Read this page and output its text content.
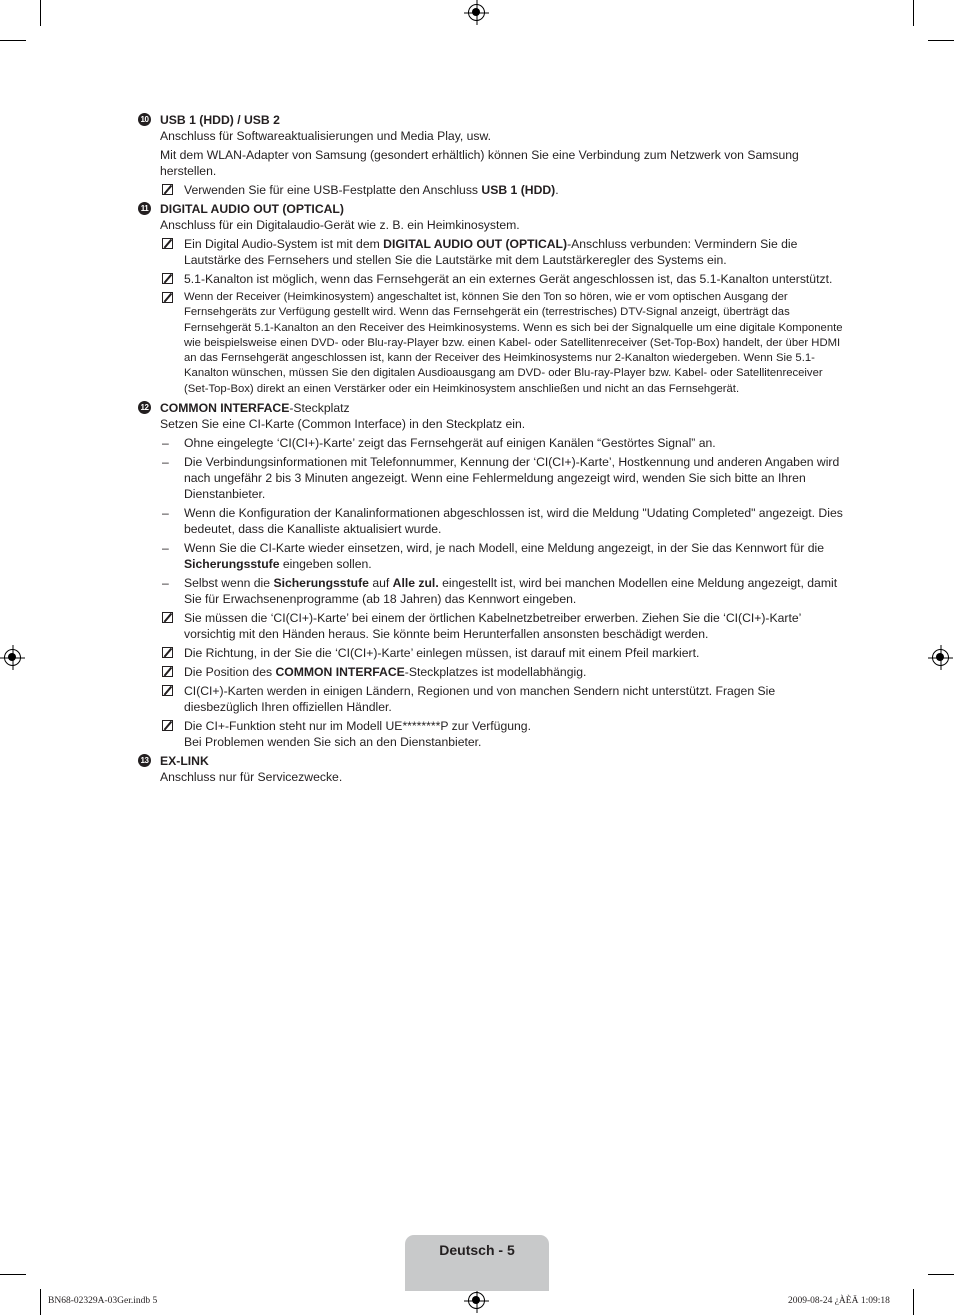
10 USB 1 (HDD) / USB 2
Anschluss für Softwareaktualisierungen und Media Play, usw.
Mit dem WLAN-Adapter von Samsung (gesondert erhältlich) können Sie eine Verbindung zum Netzwerk von Samsung herstellen.
Verwenden Sie für eine USB-Festplatte den Anschluss USB 1 (HDD).
11 DIGITAL AUDIO OUT (OPTICAL)
Anschluss für ein Digitalaudio-Gerät wie z. B. ein Heimkinosystem.
Ein Digital Audio-System ist mit dem DIGITAL AUDIO OUT (OPTICAL)-Anschluss verbunden: Vermindern Sie die Lautstärke des Fernsehers und stellen Sie die Lautstärke mit dem Lautstärkeregler des Systems ein.
5.1-Kanalton ist möglich, wenn das Fernsehgerät an ein externes Gerät angeschlossen ist, das 5.1-Kanalton unterstützt.
Wenn der Receiver (Heimkinosystem) angeschaltet ist, können Sie den Ton so hören, wie er vom optischen Ausgang der Fernsehgeräts zur Verfügung gestellt wird. Wenn das Fernsehgerät ein (terrestrisches) DTV-Signal anzeigt, überträgt das Fernsehgerät 5.1-Kanalton an den Receiver des Heimkinosystems. Wenn es sich bei der Signalquelle um eine digitale Komponente wie beispielsweise einen DVD- oder Blu-ray-Player bzw. einen Kabel- oder Satellitenreceiver (Set-Top-Box) handelt, der über HDMI an das Fernsehgerät angeschlossen ist, kann der Receiver des Heimkinosystems nur 2-Kanalton wiedergeben. Wenn Sie 5.1-Kanalton wünschen, müssen Sie den digitalen Ausdioausgang am DVD- oder Blu-ray-Player bzw. Kabel- oder Satellitenreceiver (Set-Top-Box) direkt an einen Verstärker oder ein Heimkinosystem anschließen und nicht an das Fernsehgerät.
12 COMMON INTERFACE-Steckplatz
Setzen Sie eine CI-Karte (Common Interface) in den Steckplatz ein.
– Ohne eingelegte ‘CI(CI+)-Karte’ zeigt das Fernsehgerät auf einigen Kanälen “Gestörtes Signal” an.
– Die Verbindungsinformationen mit Telefonnummer, Kennung der ‘CI(CI+)-Karte’, Hostkennung und anderen Angaben wird nach ungefähr 2 bis 3 Minuten angezeigt. Wenn eine Fehlermeldung angezeigt wird, wenden Sie sich bitte an Ihren Dienstanbieter.
– Wenn die Konfiguration der Kanalinformationen abgeschlossen ist, wird die Meldung "Udating Completed" angezeigt. Dies bedeutet, dass die Kanalliste aktualisiert wurde.
– Wenn Sie die CI-Karte wieder einsetzen, wird, je nach Modell, eine Meldung angezeigt, in der Sie das Kennwort für die Sicherungsstufe eingeben sollen.
– Selbst wenn die Sicherungsstufe auf Alle zul. eingestellt ist, wird bei manchen Modellen eine Meldung angezeigt, damit Sie für Erwachsenenprogramme (ab 18 Jahren) das Kennwort eingeben.
Sie müssen die ‘CI(CI+)-Karte’ bei einem der örtlichen Kabelnetzbetreiber erwerben. Ziehen Sie die ‘CI(CI+)-Karte’ vorsichtig mit den Händen heraus. Sie könnte beim Herunterfallen ansonsten beschädigt werden.
Die Richtung, in der Sie die ‘CI(CI+)-Karte’ einlegen müssen, ist darauf mit einem Pfeil markiert.
Die Position des COMMON INTERFACE-Steckplatzes ist modellabhängig.
CI(CI+)-Karten werden in einigen Ländern, Regionen und von manchen Sendern nicht unterstützt. Fragen Sie diesbezüglich Ihren offiziellen Händler.
Die CI+-Funktion steht nur im Modell UE********P zur Verfügung.
Bei Problemen wenden Sie sich an den Dienstanbieter.
13 EX-LINK
Anschluss nur für Servicezwecke.
Deutsch - 5
BN68-02329A-03Ger.indb 5	2009-08-24 ¿ÀÈÄ 1:09:18
